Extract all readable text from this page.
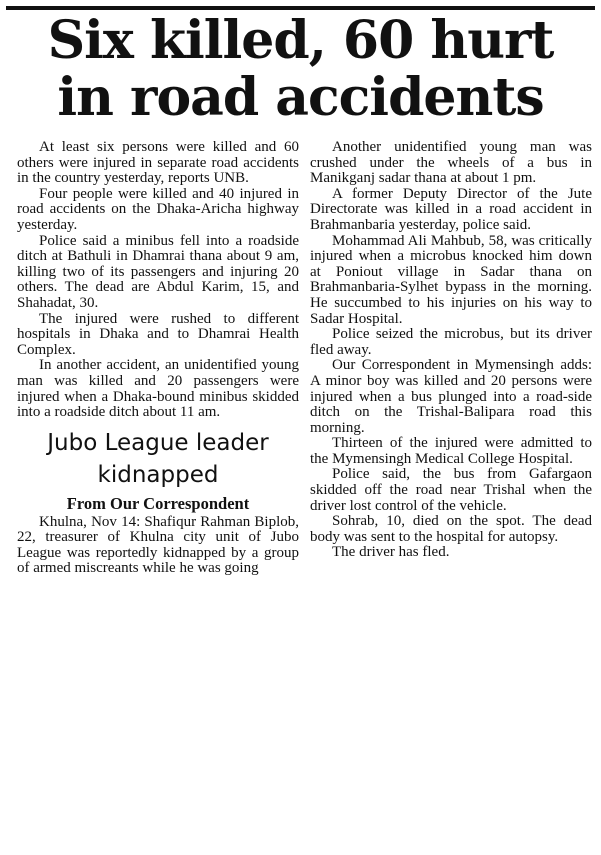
Six killed, 60 hurt
in road accidents

At least six persons were killed and 60 others were injured in separate road accidents in the country yesterday, reports UNB.

Four people were killed and 40 injured in road accidents on the Dhaka-Aricha highway yesterday.

Police said a minibus fell into a roadside ditch at Bathuli in Dhamrai thana about 9 am, killing two of its passengers and injuring 20 others. The dead are Abdul Karim, 15, and Shahadat, 30.

The injured were rushed to different hospitals in Dhaka and to Dhamrai Health Complex.

In another accident, an unidentified young man was killed and 20 passengers were injured when a Dhaka-bound minibus skidded into a roadside ditch about 11 am.

Jubo League leader
kidnapped
From Our Correspondent

Khulna, Nov 14: Shafiqur Rahman Biplob, 22, treasurer of Khulna city unit of Jubo League was reportedly kidnapped by a group of armed miscreants while he was going

Another unidentified young man was crushed under the wheels of a bus in Manikganj sadar thana at about 1 pm.

A former Deputy Director of the Jute Directorate was killed in a road accident in Brahmanbaria yesterday, police said.

Mohammad Ali Mahbub, 58, was critically injured when a microbus knocked him down at Poniout village in Sadar thana on Brahmanbaria-Sylhet bypass in the morning. He succumbed to his injuries on his way to Sadar Hospital.

Police seized the microbus, but its driver fled away.

Our Correspondent in Mymensingh adds: A minor boy was killed and 20 persons were injured when a bus plunged into a road-side ditch on the Trishal-Balipara road this morning.

Thirteen of the injured were admitted to the Mymensingh Medical College Hospital.

Police said, the bus from Gafargaon skidded off the road near Trishal when the driver lost control of the vehicle.

Sohrab, 10, died on the spot. The dead body was sent to the hospital for autopsy.

The driver has fled.
